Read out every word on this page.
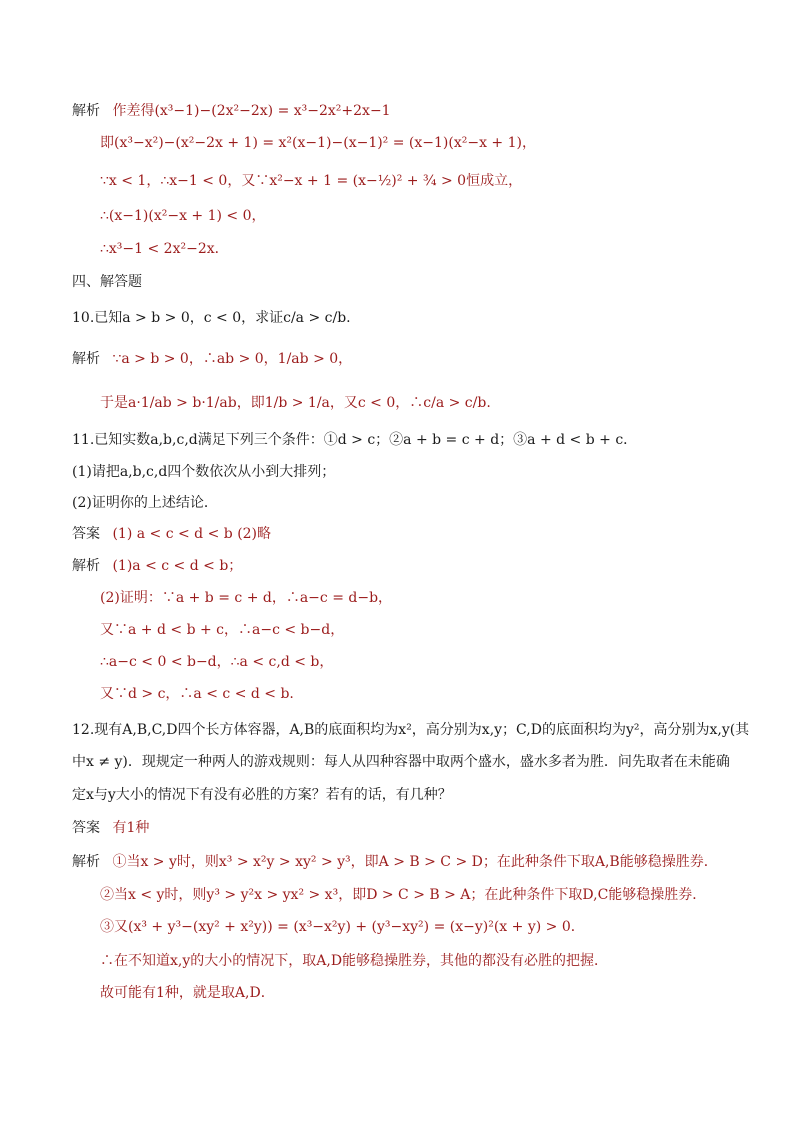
解析 作差得(x³−1)−(2x²−2x) = x³−2x²+2x−1
即(x³−x²)−(x²−2x + 1) = x²(x−1)−(x−1)² = (x−1)(x²−x + 1)，
∵x < 1，∴x−1 < 0，又∵x²−x + 1 = (x−½)² + ¾ > 0恒成立，
∴(x−1)(x²−x + 1) < 0，
∴x³−1 < 2x²−2x．
四、解答题
10.已知a > b > 0，c < 0，求证c/a > c/b.
解析 ∵a > b > 0，∴ab > 0，1/ab > 0，
于是a·1/ab > b·1/ab，即1/b > 1/a，又c < 0，∴c/a > c/b.
11.已知实数a,b,c,d满足下列三个条件：①d > c；②a + b = c + d；③a + d < b + c．
(1)请把a,b,c,d四个数依次从小到大排列；
(2)证明你的上述结论．
答案 (1) a < c < d < b (2)略
解析 (1)a < c < d < b；
(2)证明：∵a + b = c + d，∴a−c = d−b，
又∵a + d < b + c，∴a−c < b−d，
∴a−c < 0 < b−d，∴a < c,d < b，
又∵d > c，∴a < c < d < b.
12.现有A,B,C,D四个长方体容器，A,B的底面积均为x²，高分别为x,y；C,D的底面积均为y²，高分别为x,y(其
中x ≠ y)．现规定一种两人的游戏规则：每人从四种容器中取两个盛水，盛水多者为胜．问先取者在未能确
定x与y大小的情况下有没有必胜的方案？若有的话，有几种？
答案 有1种
解析 ①当x > y时，则x³ > x²y > xy² > y³，即A > B > C > D；在此种条件下取A,B能够稳操胜券．
②当x < y时，则y³ > y²x > yx² > x³，即D > C > B > A；在此种条件下取D,C能够稳操胜券．
③又(x³ + y³−(xy² + x²y)) = (x³−x²y) + (y³−xy²) = (x−y)²(x + y) > 0．
∴在不知道x,y的大小的情况下，取A,D能够稳操胜券，其他的都没有必胜的把握．
故可能有1种，就是取A,D．
